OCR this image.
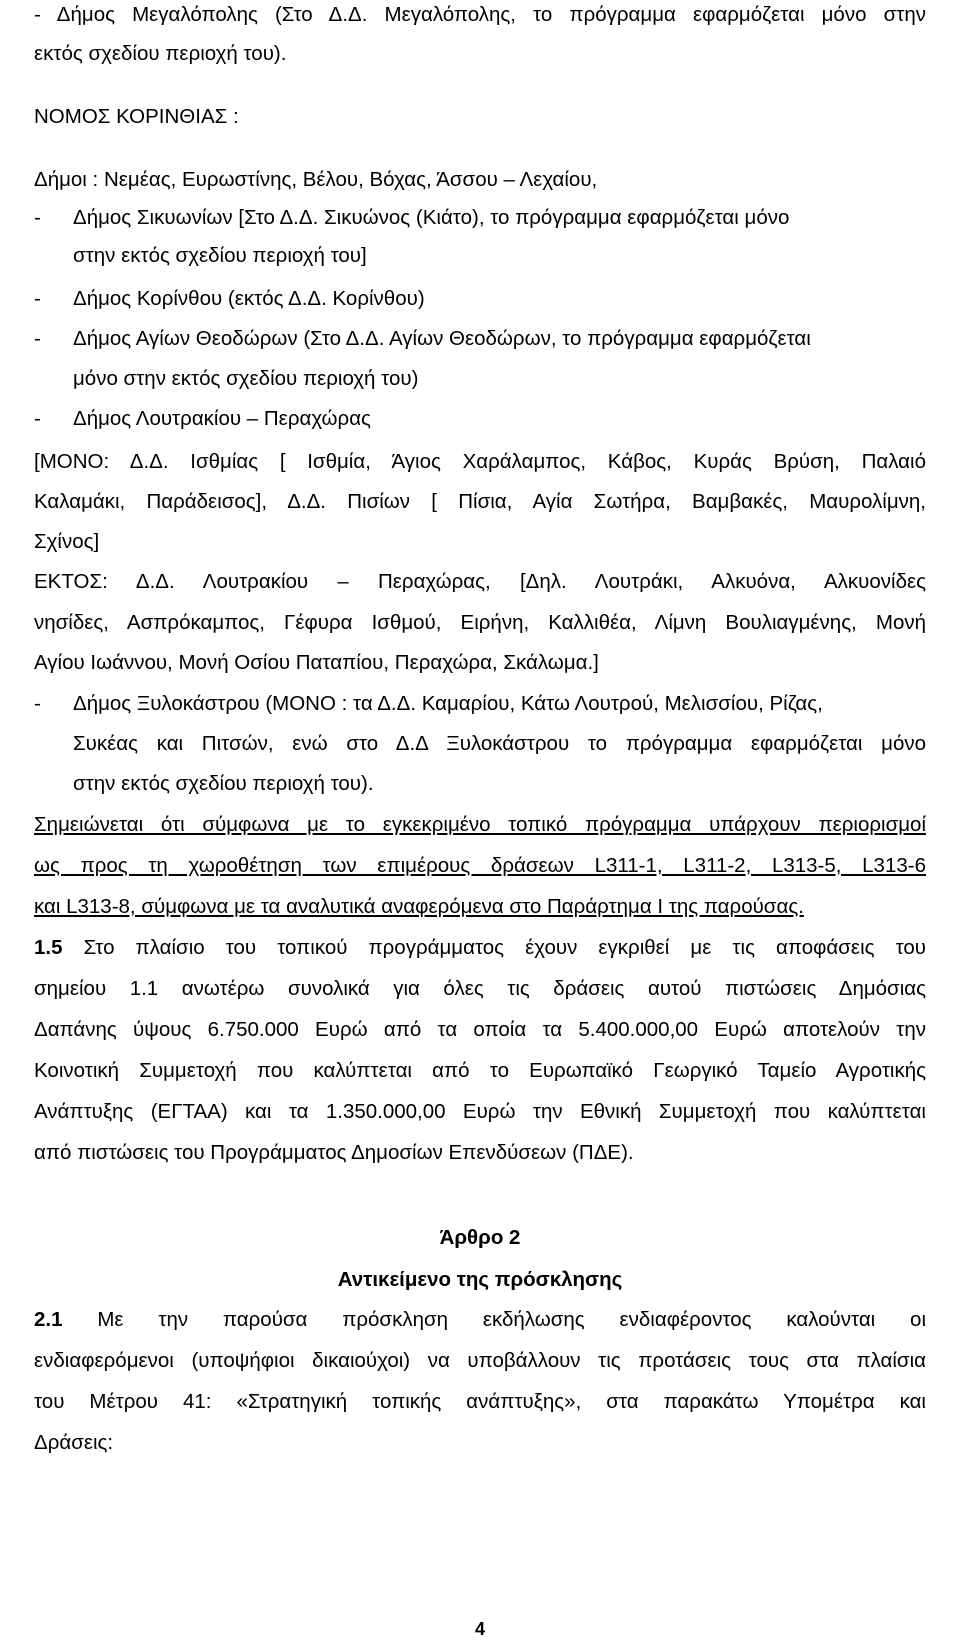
- Δήμος Μεγαλόπολης (Στο Δ.Δ. Μεγαλόπολης, το πρόγραμμα εφαρμόζεται μόνο στην
εκτός σχεδίου περιοχή του).
ΝΟΜΟΣ ΚΟΡΙΝΘΙΑΣ :
Δήμοι : Νεμέας, Ευρωστίνης, Βέλου, Βόχας, Άσσου – Λεχαίου,
- Δήμος Σικυωνίων [Στο Δ.Δ. Σικυώνος (Κιάτο), το πρόγραμμα εφαρμόζεται μόνο
στην εκτός σχεδίου περιοχή του]
- Δήμος Κορίνθου (εκτός Δ.Δ. Κορίνθου)
- Δήμος Αγίων Θεοδώρων (Στο Δ.Δ. Αγίων Θεοδώρων, το πρόγραμμα εφαρμόζεται
μόνο στην εκτός σχεδίου περιοχή του)
- Δήμος Λουτρακίου – Περαχώρας
[ΜΟΝΟ: Δ.Δ. Ισθμίας [ Ισθμία, Άγιος Χαράλαμπος, Κάβος, Κυράς Βρύση, Παλαιό
Καλαμάκι, Παράδεισος], Δ.Δ. Πισίων [ Πίσια, Αγία Σωτήρα, Βαμβακές, Μαυρολίμνη,
Σχίνος]
ΕΚΤΟΣ: Δ.Δ. Λουτρακίου – Περαχώρας, [Δηλ. Λουτράκι, Αλκυόνα, Αλκυονίδες
νησίδες, Ασπρόκαμπος, Γέφυρα Ισθμού, Ειρήνη, Καλλιθέα, Λίμνη Βουλιαγμένης, Μονή
Αγίου Ιωάννου, Μονή Οσίου Παταπίου, Περαχώρα, Σκάλωμα.]
- Δήμος Ξυλοκάστρου (ΜΟΝΟ : τα Δ.Δ. Καμαρίου, Κάτω Λουτρού, Μελισσίου, Ρίζας,
Συκέας και Πιτσών, ενώ στο Δ.Δ Ξυλοκάστρου το πρόγραμμα εφαρμόζεται μόνο
στην εκτός σχεδίου περιοχή του).
Σημειώνεται ότι σύμφωνα με το εγκεκριμένο τοπικό πρόγραμμα υπάρχουν περιορισμοί
ως προς τη χωροθέτηση των επιμέρους δράσεων L311-1, L311-2, L313-5, L313-6
και L313-8, σύμφωνα με τα αναλυτικά αναφερόμενα στο Παράρτημα Ι της παρούσας.
1.5 Στο πλαίσιο του τοπικού προγράμματος έχουν εγκριθεί με τις αποφάσεις του
σημείου 1.1 ανωτέρω συνολικά για όλες τις δράσεις αυτού πιστώσεις Δημόσιας
Δαπάνης ύψους 6.750.000 Ευρώ από τα οποία τα 5.400.000,00 Ευρώ αποτελούν την
Κοινοτική Συμμετοχή που καλύπτεται από το Ευρωπαϊκό Γεωργικό Ταμείο Αγροτικής
Ανάπτυξης (ΕΓΤΑΑ) και τα 1.350.000,00 Ευρώ την Εθνική Συμμετοχή που καλύπτεται
από πιστώσεις του Προγράμματος Δημοσίων Επενδύσεων (ΠΔΕ).
Άρθρο 2
Αντικείμενο της πρόσκλησης
2.1 Με την παρούσα πρόσκληση εκδήλωσης ενδιαφέροντος καλούνται οι
ενδιαφερόμενοι (υποψήφιοι δικαιούχοι) να υποβάλλουν τις προτάσεις τους στα πλαίσια
του Μέτρου 41: «Στρατηγική τοπικής ανάπτυξης», στα παρακάτω Υπομέτρα και
Δράσεις:
4
